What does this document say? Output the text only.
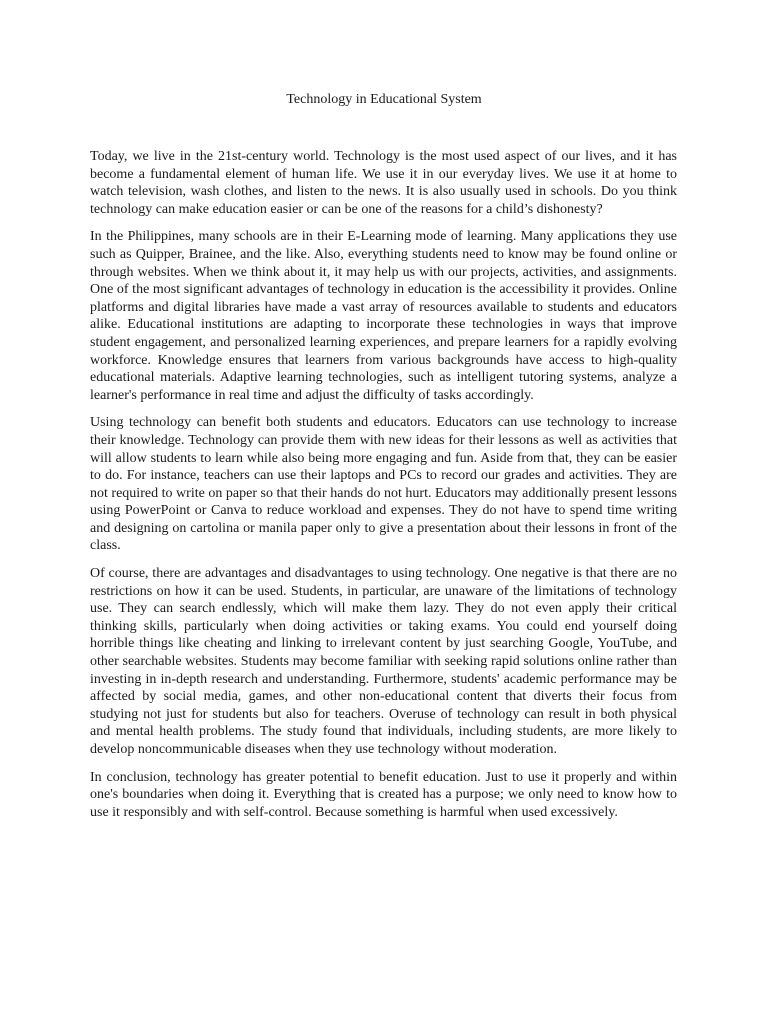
Technology in Educational System

Today, we live in the 21st-century world. Technology is the most used aspect of our lives, and it has become a fundamental element of human life. We use it in our everyday lives. We use it at home to watch television, wash clothes, and listen to the news. It is also usually used in schools. Do you think technology can make education easier or can be one of the reasons for a child’s dishonesty?

In the Philippines, many schools are in their E-Learning mode of learning. Many applications they use such as Quipper, Brainee, and the like. Also, everything students need to know may be found online or through websites. When we think about it, it may help us with our projects, activities, and assignments. One of the most significant advantages of technology in education is the accessibility it provides. Online platforms and digital libraries have made a vast array of resources available to students and educators alike. Educational institutions are adapting to incorporate these technologies in ways that improve student engagement, and personalized learning experiences, and prepare learners for a rapidly evolving workforce. Knowledge ensures that learners from various backgrounds have access to high-quality educational materials. Adaptive learning technologies, such as intelligent tutoring systems, analyze a learner's performance in real time and adjust the difficulty of tasks accordingly.

Using technology can benefit both students and educators. Educators can use technology to increase their knowledge. Technology can provide them with new ideas for their lessons as well as activities that will allow students to learn while also being more engaging and fun. Aside from that, they can be easier to do. For instance, teachers can use their laptops and PCs to record our grades and activities. They are not required to write on paper so that their hands do not hurt. Educators may additionally present lessons using PowerPoint or Canva to reduce workload and expenses. They do not have to spend time writing and designing on cartolina or manila paper only to give a presentation about their lessons in front of the class.

Of course, there are advantages and disadvantages to using technology. One negative is that there are no restrictions on how it can be used. Students, in particular, are unaware of the limitations of technology use. They can search endlessly, which will make them lazy. They do not even apply their critical thinking skills, particularly when doing activities or taking exams. You could end yourself doing horrible things like cheating and linking to irrelevant content by just searching Google, YouTube, and other searchable websites. Students may become familiar with seeking rapid solutions online rather than investing in in-depth research and understanding. Furthermore, students' academic performance may be affected by social media, games, and other non-educational content that diverts their focus from studying not just for students but also for teachers. Overuse of technology can result in both physical and mental health problems. The study found that individuals, including students, are more likely to develop noncommunicable diseases when they use technology without moderation.

In conclusion, technology has greater potential to benefit education. Just to use it properly and within one's boundaries when doing it. Everything that is created has a purpose; we only need to know how to use it responsibly and with self-control. Because something is harmful when used excessively.
